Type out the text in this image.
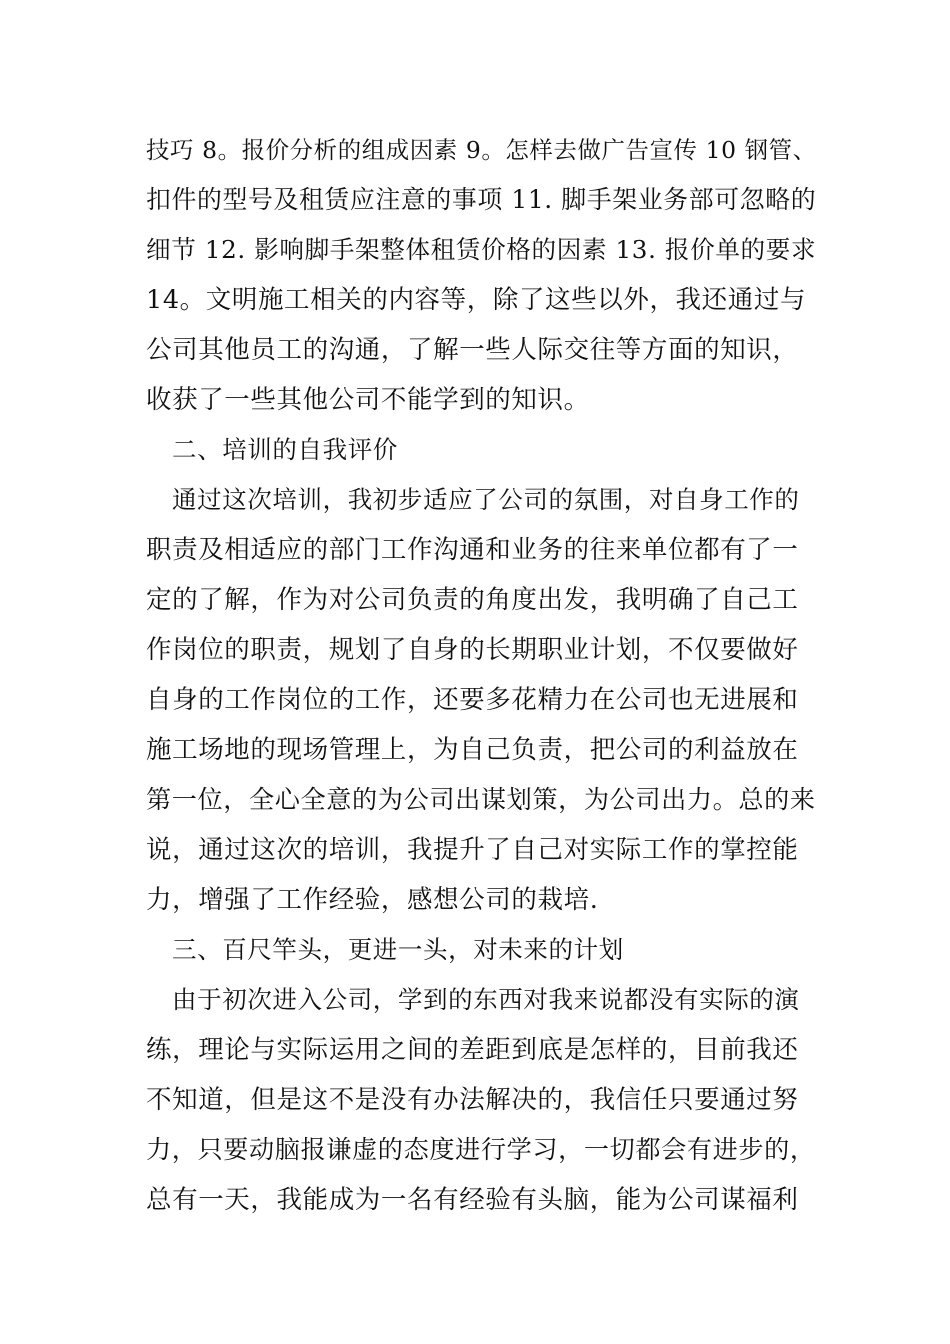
技巧 8。报价分析的组成因素 9。怎样去做广告宣传 10 钢管、
扣件的型号及租赁应注意的事项 11. 脚手架业务部可忽略的
细节 12. 影响脚手架整体租赁价格的因素 13. 报价单的要求
14。文明施工相关的内容等，除了这些以外，我还通过与
公司其他员工的沟通，了解一些人际交往等方面的知识，
收获了一些其他公司不能学到的知识。
二、培训的自我评价
通过这次培训，我初步适应了公司的氛围，对自身工作的
职责及相适应的部门工作沟通和业务的往来单位都有了一
定的了解，作为对公司负责的角度出发，我明确了自己工
作岗位的职责，规划了自身的长期职业计划，不仅要做好
自身的工作岗位的工作，还要多花精力在公司也无进展和
施工场地的现场管理上，为自己负责，把公司的利益放在
第一位，全心全意的为公司出谋划策，为公司出力。总的来
说，通过这次的培训，我提升了自己对实际工作的掌控能
力，增强了工作经验，感想公司的栽培.
三、百尺竿头，更进一头，对未来的计划
由于初次进入公司，学到的东西对我来说都没有实际的演
练，理论与实际运用之间的差距到底是怎样的，目前我还
不知道，但是这不是没有办法解决的，我信任只要通过努
力，只要动脑报谦虚的态度进行学习，一切都会有进步的，
总有一天，我能成为一名有经验有头脑，能为公司谋福利
